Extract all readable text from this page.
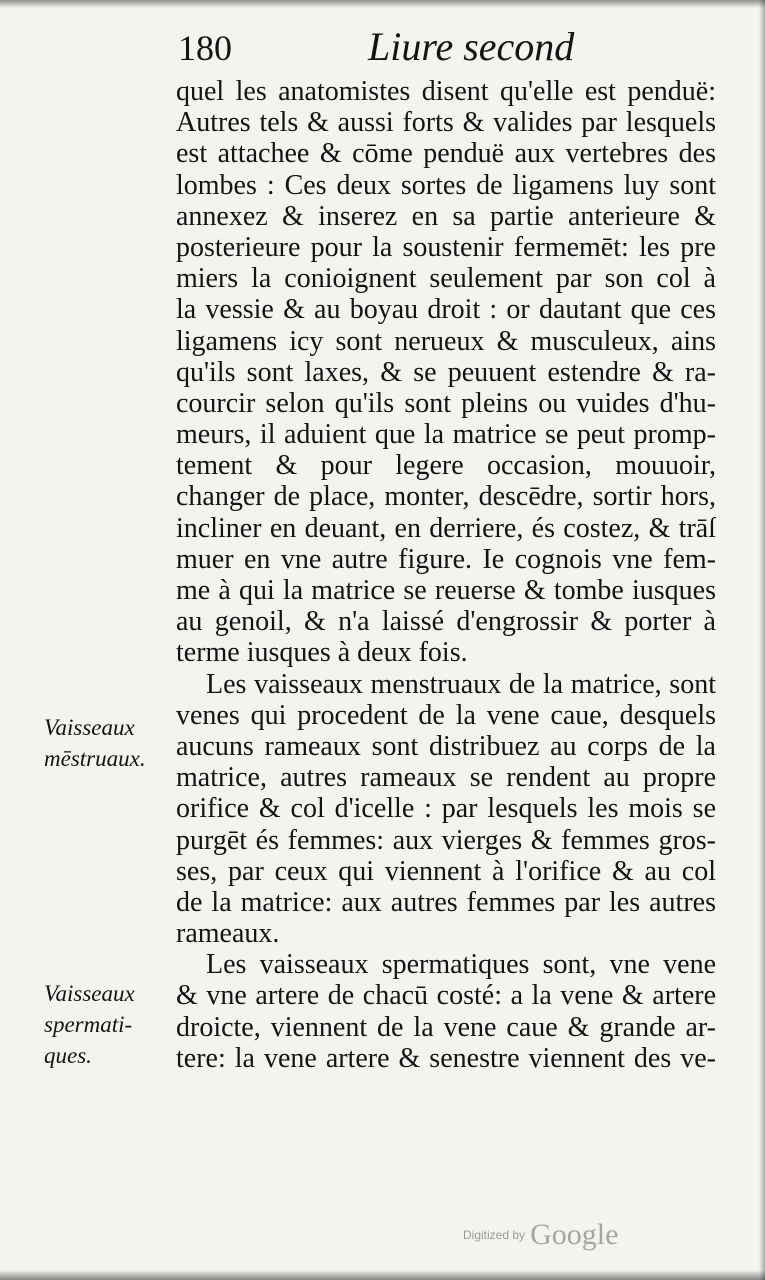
180	Liure second
quel les anatomistes disent qu'elle est penduë:
Autres tels & aussi forts & valides par lesquels
est attachee & cōme penduë aux vertebres des
lombes : Ces deux sortes de ligamens luy sont
annexez & inserez en sa partie anterieure &
posterieure pour la soustenir fermemēt: les pre
miers la conioignent seulement par son col à
la vessie & au boyau droit : or dautant que ces
ligamens icy sont nerueux & musculeux, ains
qu'ils sont laxes, & se peuuent estendre & ra-
courcir selon qu'ils sont pleins ou vuides d'hu-
meurs, il aduient que la matrice se peut promp-
tement & pour legere occasion, mouuoir,
changer de place, monter, descēdre, sortir hors,
incliner en deuant, en derriere, és costez, & trāſ
muer en vne autre figure. Ie cognois vne fem-
me à qui la matrice se reuerse & tombe iusques
au genoil, & n'a laissé d'engrossir & porter à
terme iusques à deux fois.
Les vaisseaux menstruaux de la matrice, sont
venes qui procedent de la vene caue, desquels
aucuns rameaux sont distribuez au corps de la
matrice, autres rameaux se rendent au propre
orifice & col d'icelle : par lesquels les mois se
purgēt és femmes: aux vierges & femmes gros-
ses, par ceux qui viennent à l'orifice & au col
de la matrice: aux autres femmes par les autres
rameaux.
Les vaisseaux spermatiques sont, vne vene
& vne artere de chacū costé: a la vene & artere
droicte, viennent de la vene caue & grande ar-
tere: la vene artere & senestre viennent des ve-
Vaisseaux
mēstruaux.
Vaisseaux
spermati-
ques.
Digitized by Google
